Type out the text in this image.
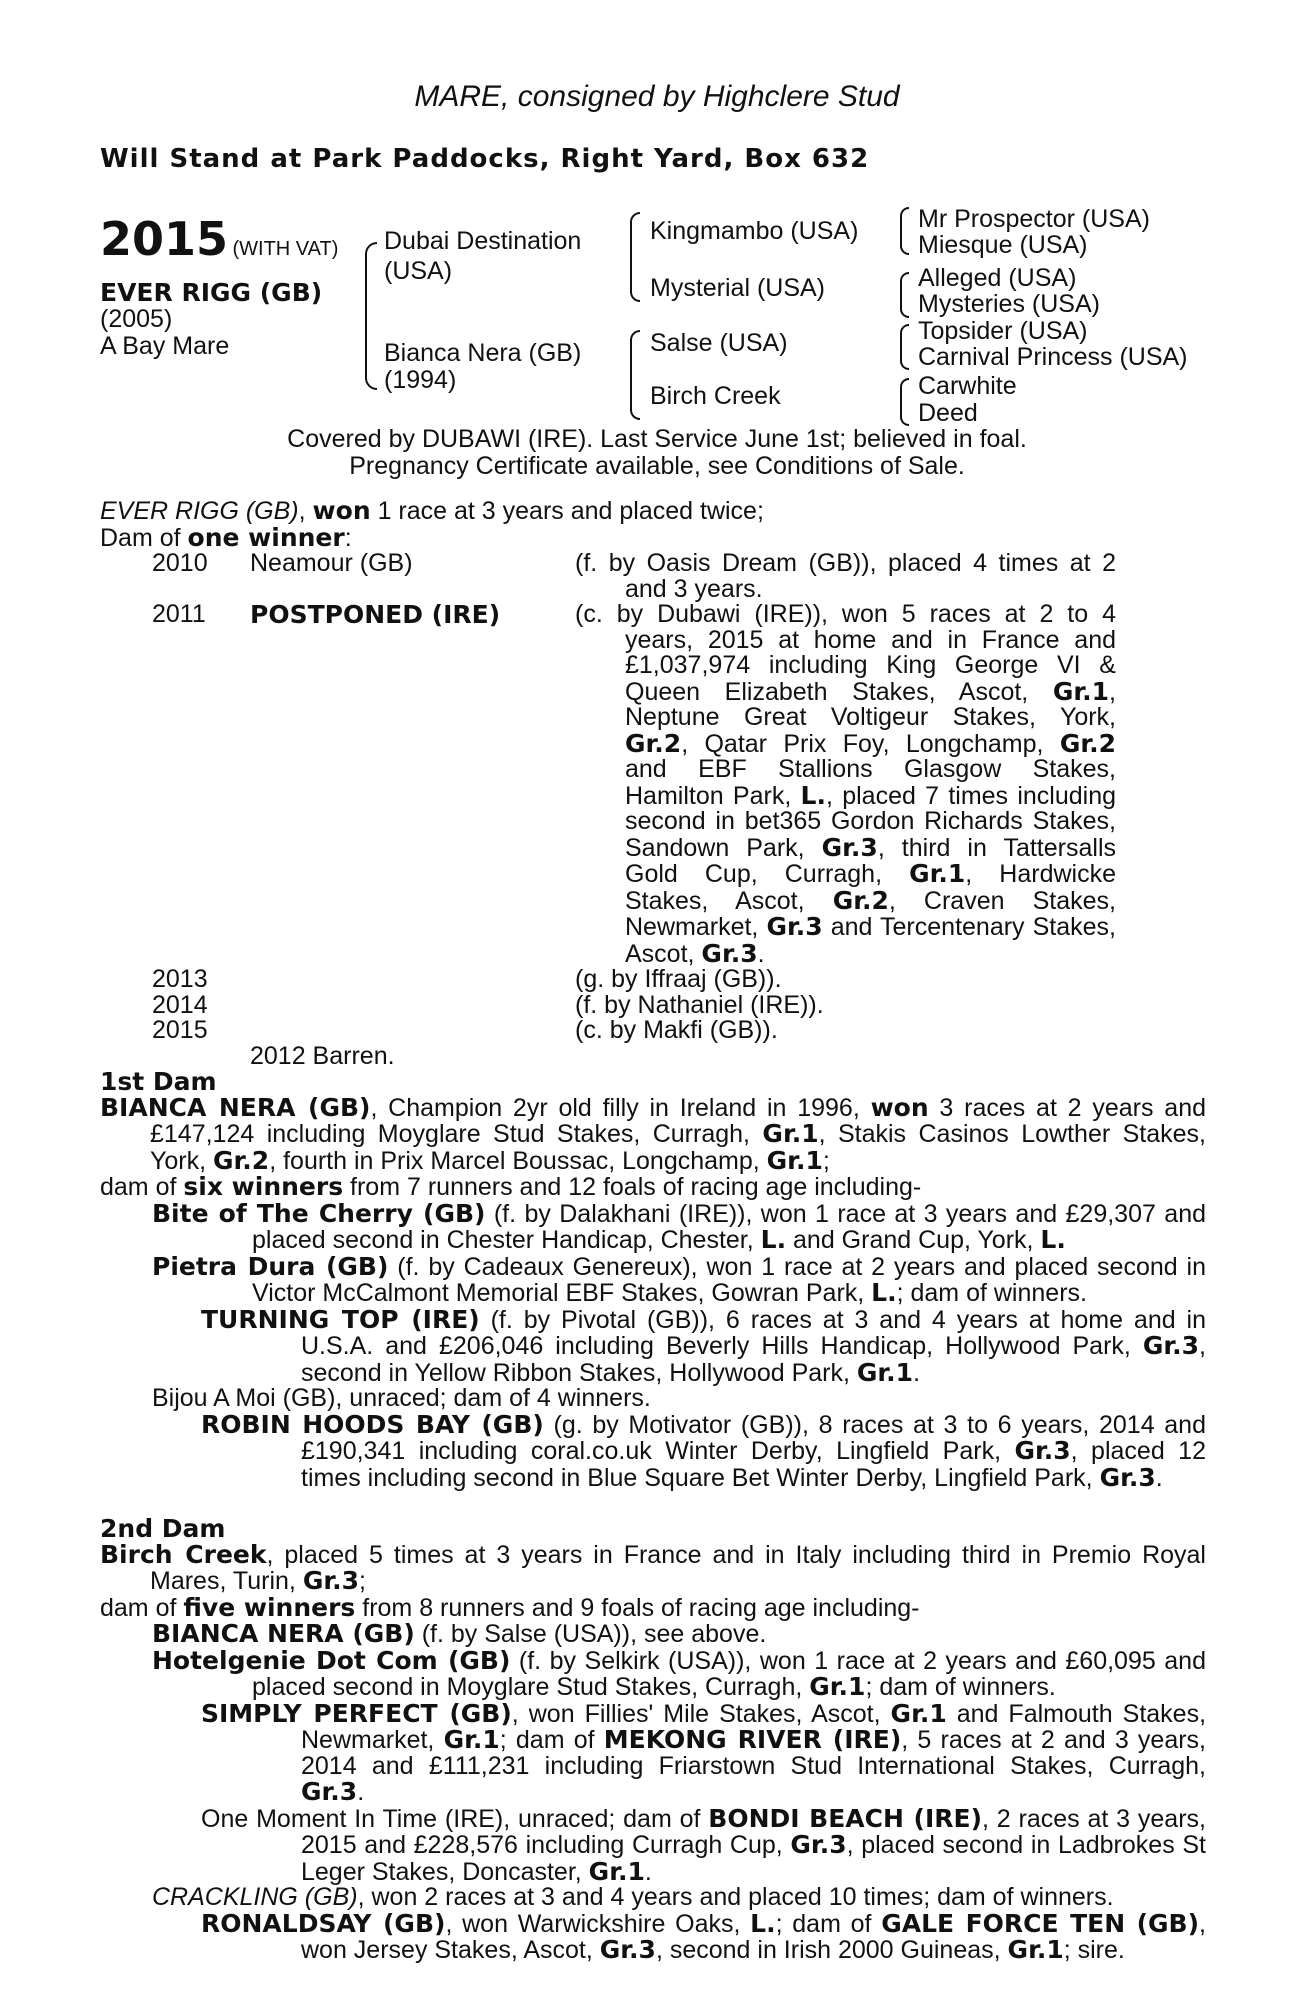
MARE, consigned by Highclere Stud
Will Stand at Park Paddocks, Right Yard, Box 632
2015 (WITH VAT)
EVER RIGG (GB)
(2005)
A Bay Mare
Dubai Destination
(USA)
Bianca Nera (GB)
(1994)
Kingmambo (USA)
Mysterial (USA)
Salse (USA)
Birch Creek
Mr Prospector (USA)
Miesque (USA)
Alleged (USA)
Mysteries (USA)
Topsider (USA)
Carnival Princess (USA)
Carwhite
Deed
Covered by DUBAWI (IRE). Last Service June 1st; believed in foal.
Pregnancy Certificate available, see Conditions of Sale.
EVER RIGG (GB), won 1 race at 3 years and placed twice;
Dam of one winner:
2010	Neamour (GB)	(f. by Oasis Dream (GB)), placed 4 times at 2 and 3 years.
2011	POSTPONED (IRE)	(c. by Dubawi (IRE)), won 5 races at 2 to 4 years, 2015 at home and in France and £1,037,974 including King George VI & Queen Elizabeth Stakes, Ascot, Gr.1, Neptune Great Voltigeur Stakes, York, Gr.2, Qatar Prix Foy, Longchamp, Gr.2 and EBF Stallions Glasgow Stakes, Hamilton Park, L., placed 7 times including second in bet365 Gordon Richards Stakes, Sandown Park, Gr.3, third in Tattersalls Gold Cup, Curragh, Gr.1, Hardwicke Stakes, Ascot, Gr.2, Craven Stakes, Newmarket, Gr.3 and Tercentenary Stakes, Ascot, Gr.3.
2013	(g. by Iffraaj (GB)).
2014	(f. by Nathaniel (IRE)).
2015	(c. by Makfi (GB)).
2012 Barren.
1st Dam
BIANCA NERA (GB), Champion 2yr old filly in Ireland in 1996, won 3 races at 2 years and £147,124 including Moyglare Stud Stakes, Curragh, Gr.1, Stakis Casinos Lowther Stakes, York, Gr.2, fourth in Prix Marcel Boussac, Longchamp, Gr.1;
dam of six winners from 7 runners and 12 foals of racing age including-
Bite of The Cherry (GB) (f. by Dalakhani (IRE)), won 1 race at 3 years and £29,307 and placed second in Chester Handicap, Chester, L. and Grand Cup, York, L.
Pietra Dura (GB) (f. by Cadeaux Genereux), won 1 race at 2 years and placed second in Victor McCalmont Memorial EBF Stakes, Gowran Park, L.; dam of winners.
TURNING TOP (IRE) (f. by Pivotal (GB)), 6 races at 3 and 4 years at home and in U.S.A. and £206,046 including Beverly Hills Handicap, Hollywood Park, Gr.3, second in Yellow Ribbon Stakes, Hollywood Park, Gr.1.
Bijou A Moi (GB), unraced; dam of 4 winners.
ROBIN HOODS BAY (GB) (g. by Motivator (GB)), 8 races at 3 to 6 years, 2014 and £190,341 including coral.co.uk Winter Derby, Lingfield Park, Gr.3, placed 12 times including second in Blue Square Bet Winter Derby, Lingfield Park, Gr.3.
2nd Dam
Birch Creek, placed 5 times at 3 years in France and in Italy including third in Premio Royal Mares, Turin, Gr.3;
dam of five winners from 8 runners and 9 foals of racing age including-
BIANCA NERA (GB) (f. by Salse (USA)), see above.
Hotelgenie Dot Com (GB) (f. by Selkirk (USA)), won 1 race at 2 years and £60,095 and placed second in Moyglare Stud Stakes, Curragh, Gr.1; dam of winners.
SIMPLY PERFECT (GB), won Fillies' Mile Stakes, Ascot, Gr.1 and Falmouth Stakes, Newmarket, Gr.1; dam of MEKONG RIVER (IRE), 5 races at 2 and 3 years, 2014 and £111,231 including Friarstown Stud International Stakes, Curragh, Gr.3.
One Moment In Time (IRE), unraced; dam of BONDI BEACH (IRE), 2 races at 3 years, 2015 and £228,576 including Curragh Cup, Gr.3, placed second in Ladbrokes St Leger Stakes, Doncaster, Gr.1.
CRACKLING (GB), won 2 races at 3 and 4 years and placed 10 times; dam of winners.
RONALDSAY (GB), won Warwickshire Oaks, L.; dam of GALE FORCE TEN (GB), won Jersey Stakes, Ascot, Gr.3, second in Irish 2000 Guineas, Gr.1; sire.
